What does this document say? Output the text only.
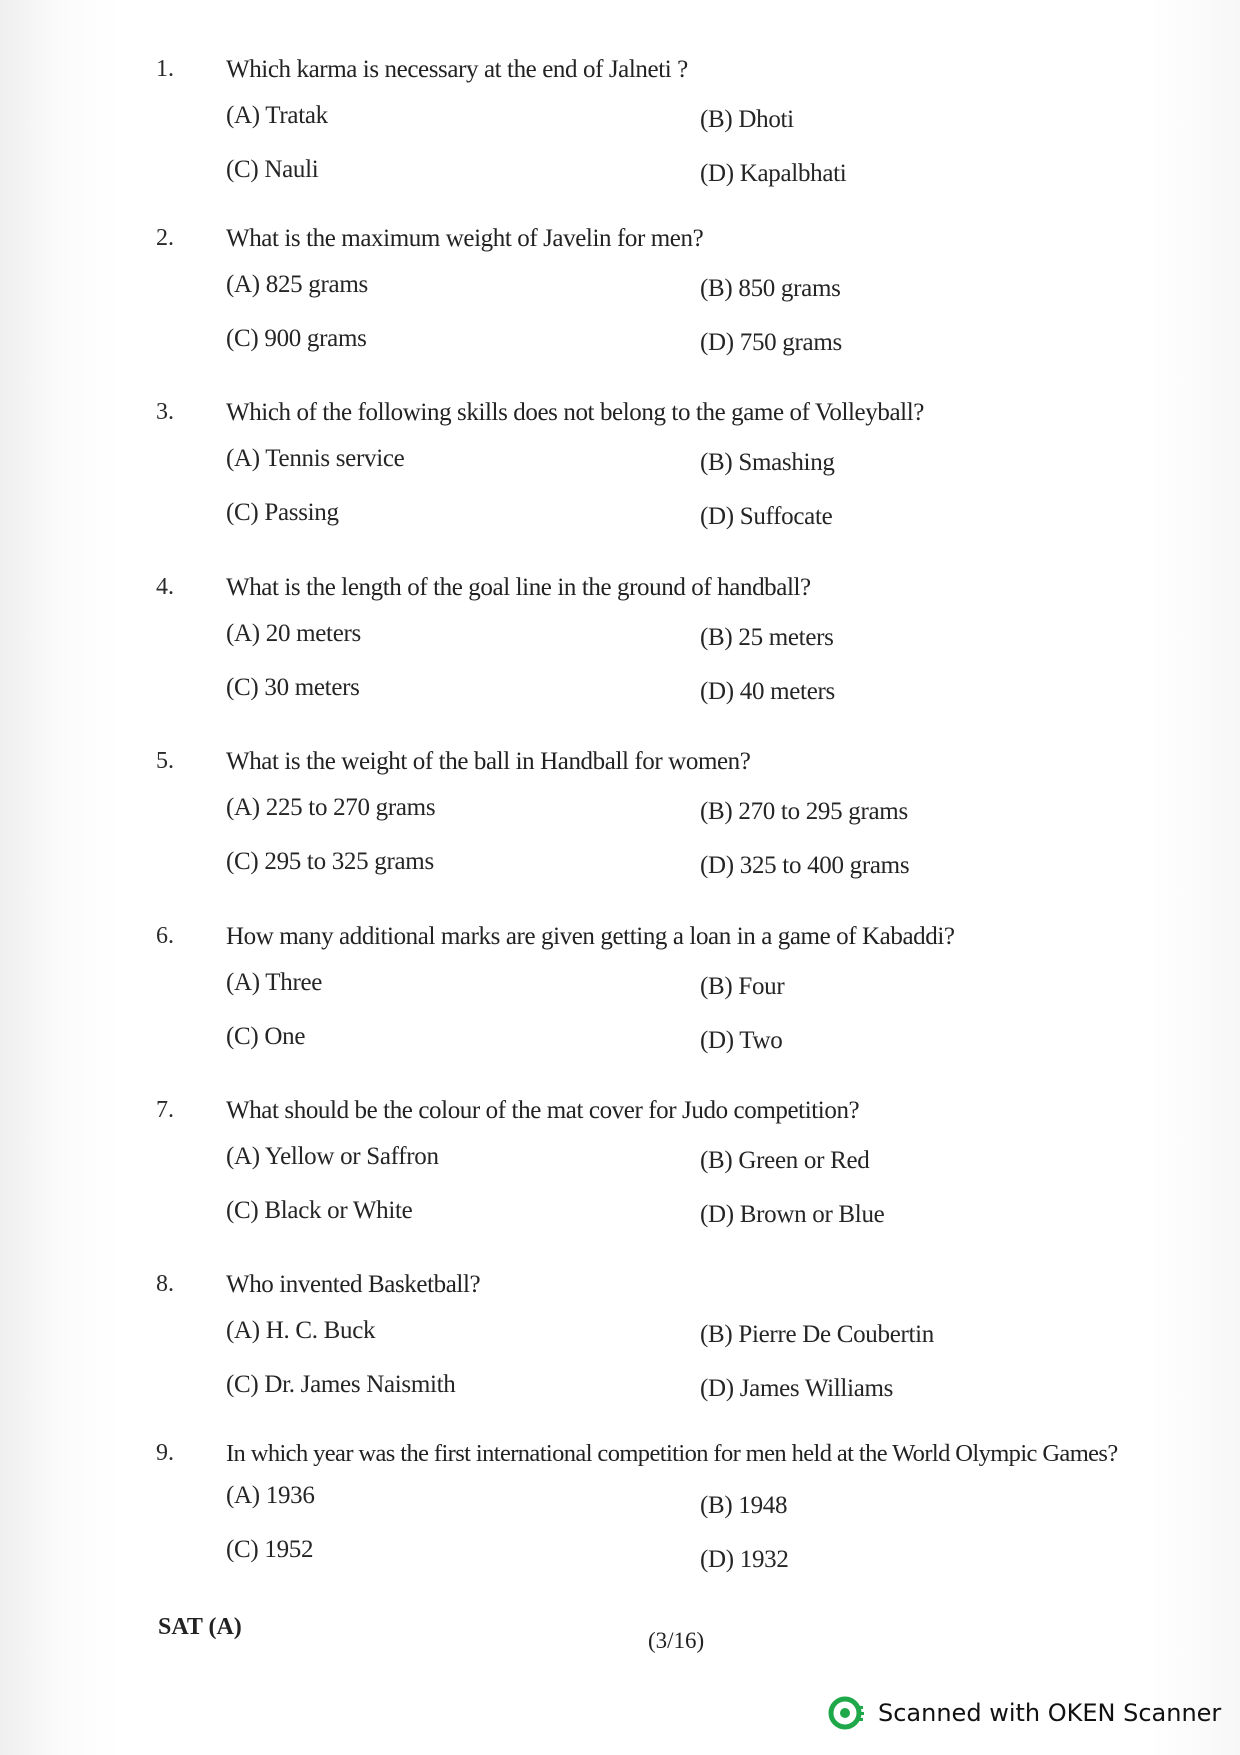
1. Which karma is necessary at the end of Jalneti ?
(A) Tratak	(B) Dhoti
(C) Nauli	(D) Kapalbhati
2. What is the maximum weight of Javelin for men?
(A) 825 grams	(B) 850 grams
(C) 900 grams	(D) 750 grams
3. Which of the following skills does not belong to the game of Volleyball?
(A) Tennis service	(B) Smashing
(C) Passing	(D) Suffocate
4. What is the length of the goal line in the ground of handball?
(A) 20 meters	(B) 25 meters
(C) 30 meters	(D) 40 meters
5. What is the weight of the ball in Handball for women?
(A) 225 to 270 grams	(B) 270 to 295 grams
(C) 295 to 325 grams	(D) 325 to 400 grams
6. How many additional marks are given getting a loan in a game of Kabaddi?
(A) Three	(B) Four
(C) One	(D) Two
7. What should be the colour of the mat cover for Judo competition?
(A) Yellow or Saffron	(B) Green or Red
(C) Black or White	(D) Brown or Blue
8. Who invented Basketball?
(A) H. C. Buck	(B) Pierre De Coubertin
(C) Dr. James Naismith	(D) James Williams
9. In which year was the first international competition for men held at the World Olympic Games?
(A) 1936	(B) 1948
(C) 1952	(D) 1932
SAT (A)
(3/16)
Scanned with OKEN Scanner
